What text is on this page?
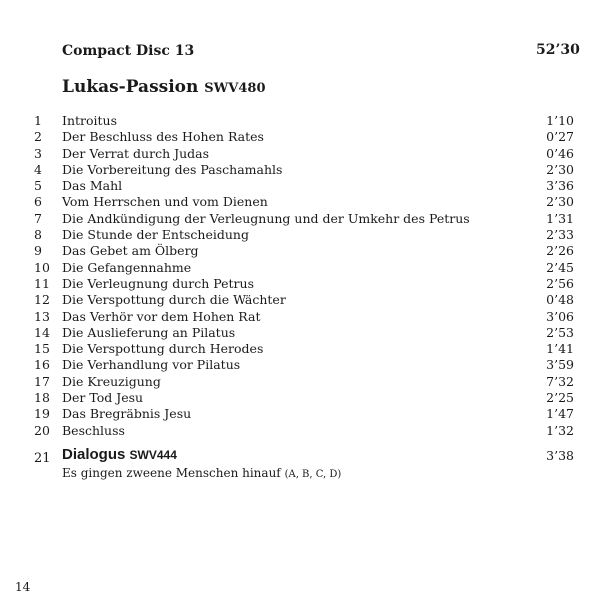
Compact Disc 13	52’30
Lukas-Passion SWV480
1	Introitus	1’10
2	Der Beschluss des Hohen Rates	0’27
3	Der Verrat durch Judas	0’46
4	Die Vorbereitung des Paschamahls	2’30
5	Das Mahl	3’36
6	Vom Herrschen und vom Dienen	2’30
7	Die Andkündigung der Verleugnung und der Umkehr des Petrus	1’31
8	Die Stunde der Entscheidung	2’33
9	Das Gebet am Ölberg	2’26
10 Die Gefangennahme	2’45
11 Die Verleugnung durch Petrus	2’56
12 Die Verspottung durch die Wächter	0’48
13 Das Verhör vor dem Hohen Rat	3’06
14 Die Auslieferung an Pilatus	2’53
15 Die Verspottung durch Herodes	1’41
16 Die Verhandlung vor Pilatus	3’59
17 Die Kreuzigung	7’32
18 Der Tod Jesu	2’25
19 Das Bregräbnis Jesu	1’47
20 Beschluss	1’32
21 Dialogus SWV444	3’38
Es gingen zweene Menschen hinauf (A, B, C, D)
14
